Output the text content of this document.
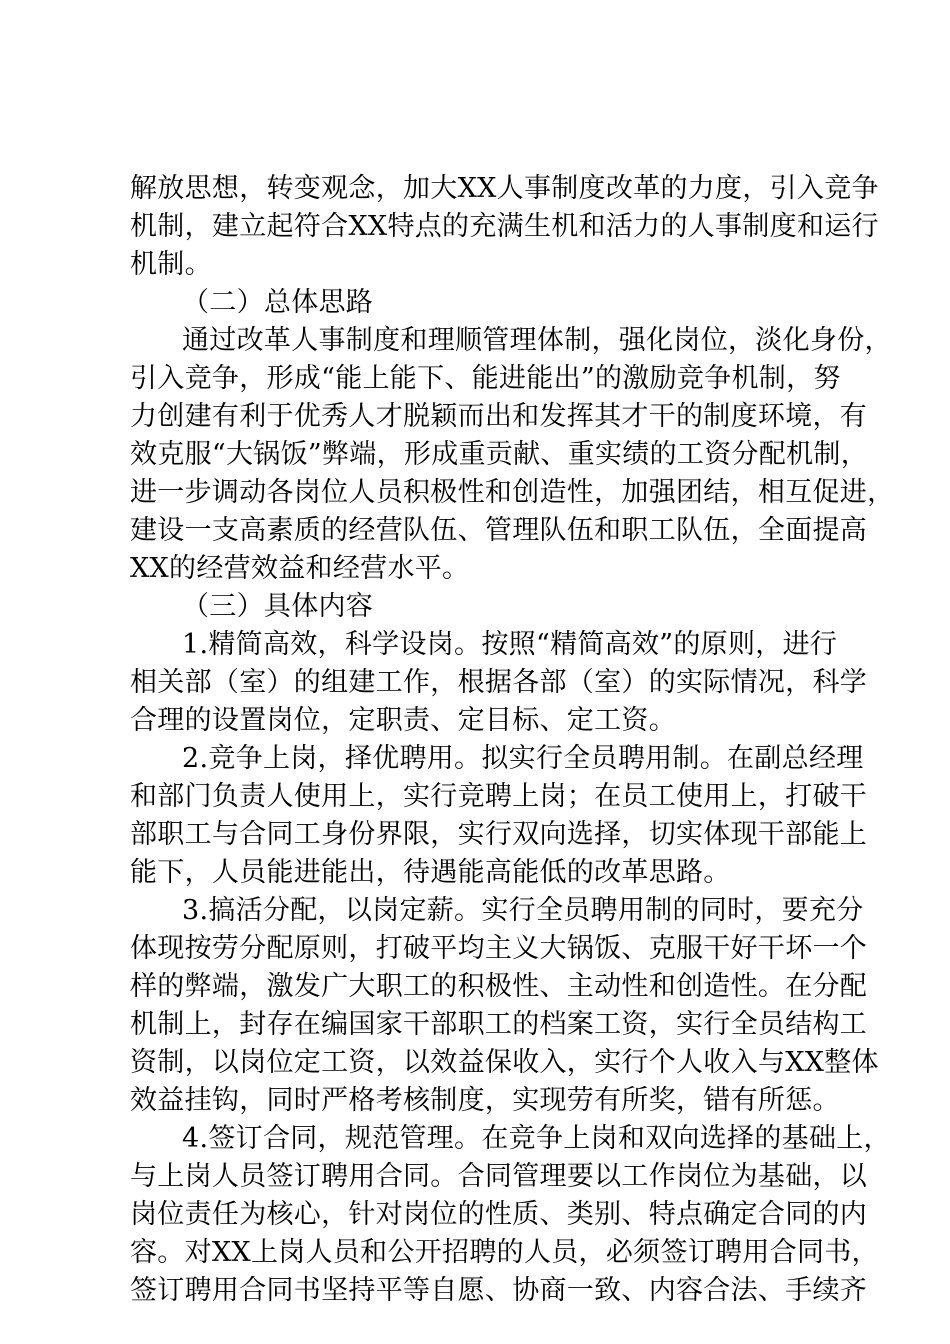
解放思想，转变观念，加大XX人事制度改革的力度，引入竞争
机制，建立起符合XX特点的充满生机和活力的人事制度和运行
机制。
（二）总体思路
通过改革人事制度和理顺管理体制，强化岗位，淡化身份，
引入竞争，形成“能上能下、能进能出”的激励竞争机制，努
力创建有利于优秀人才脱颖而出和发挥其才干的制度环境，有
效克服“大锅饭”弊端，形成重贡献、重实绩的工资分配机制，
进一步调动各岗位人员积极性和创造性，加强团结，相互促进，
建设一支高素质的经营队伍、管理队伍和职工队伍，全面提高
XX的经营效益和经营水平。
（三）具体内容
1.精简高效，科学设岗。按照“精简高效”的原则，进行
相关部（室）的组建工作，根据各部（室）的实际情况，科学
合理的设置岗位，定职责、定目标、定工资。
2.竞争上岗，择优聘用。拟实行全员聘用制。在副总经理
和部门负责人使用上，实行竞聘上岗；在员工使用上，打破干
部职工与合同工身份界限，实行双向选择，切实体现干部能上
能下，人员能进能出，待遇能高能低的改革思路。
3.搞活分配，以岗定薪。实行全员聘用制的同时，要充分
体现按劳分配原则，打破平均主义大锅饭、克服干好干坏一个
样的弊端，激发广大职工的积极性、主动性和创造性。在分配
机制上，封存在编国家干部职工的档案工资，实行全员结构工
资制，以岗位定工资，以效益保收入，实行个人收入与XX整体
效益挂钩，同时严格考核制度，实现劳有所奖，错有所惩。
4.签订合同，规范管理。在竞争上岗和双向选择的基础上，
与上岗人员签订聘用合同。合同管理要以工作岗位为基础，以
岗位责任为核心，针对岗位的性质、类别、特点确定合同的内
容。对XX上岗人员和公开招聘的人员，必须签订聘用合同书，
签订聘用合同书坚持平等自愿、协商一致、内容合法、手续齐
